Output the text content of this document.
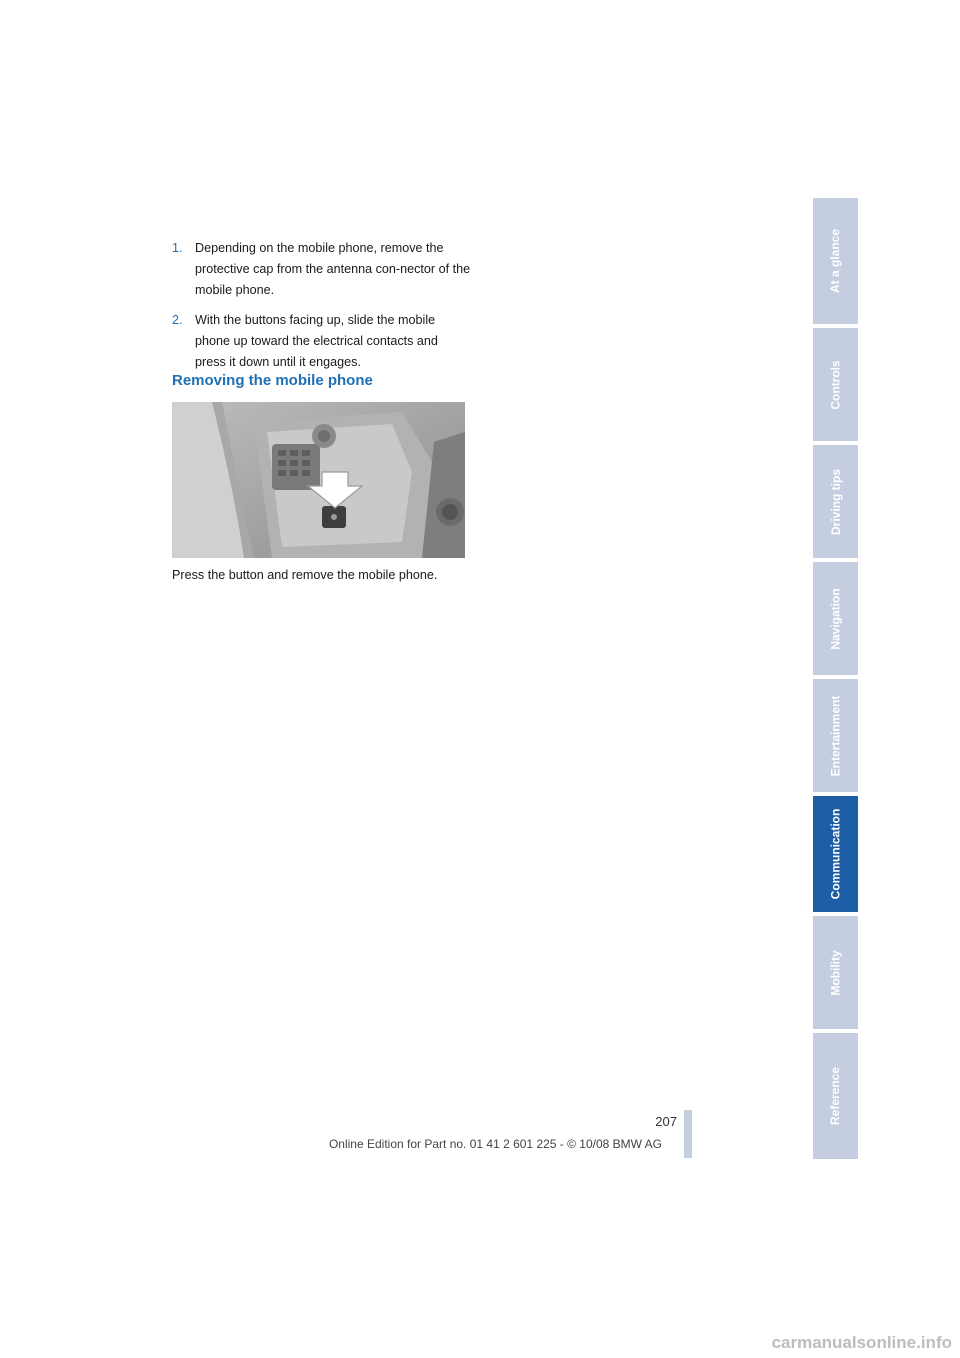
1. Depending on the mobile phone, remove the protective cap from the antenna con-nector of the mobile phone.
2. With the buttons facing up, slide the mobile phone up toward the electrical contacts and press it down until it engages.
Removing the mobile phone
Press the button and remove the mobile phone.
At a glance
Controls
Driving tips
Navigation
Entertainment
Communication
Mobility
Reference
207
Online Edition for Part no. 01 41 2 601 225 - © 10/08 BMW AG
carmanualsonline.info
